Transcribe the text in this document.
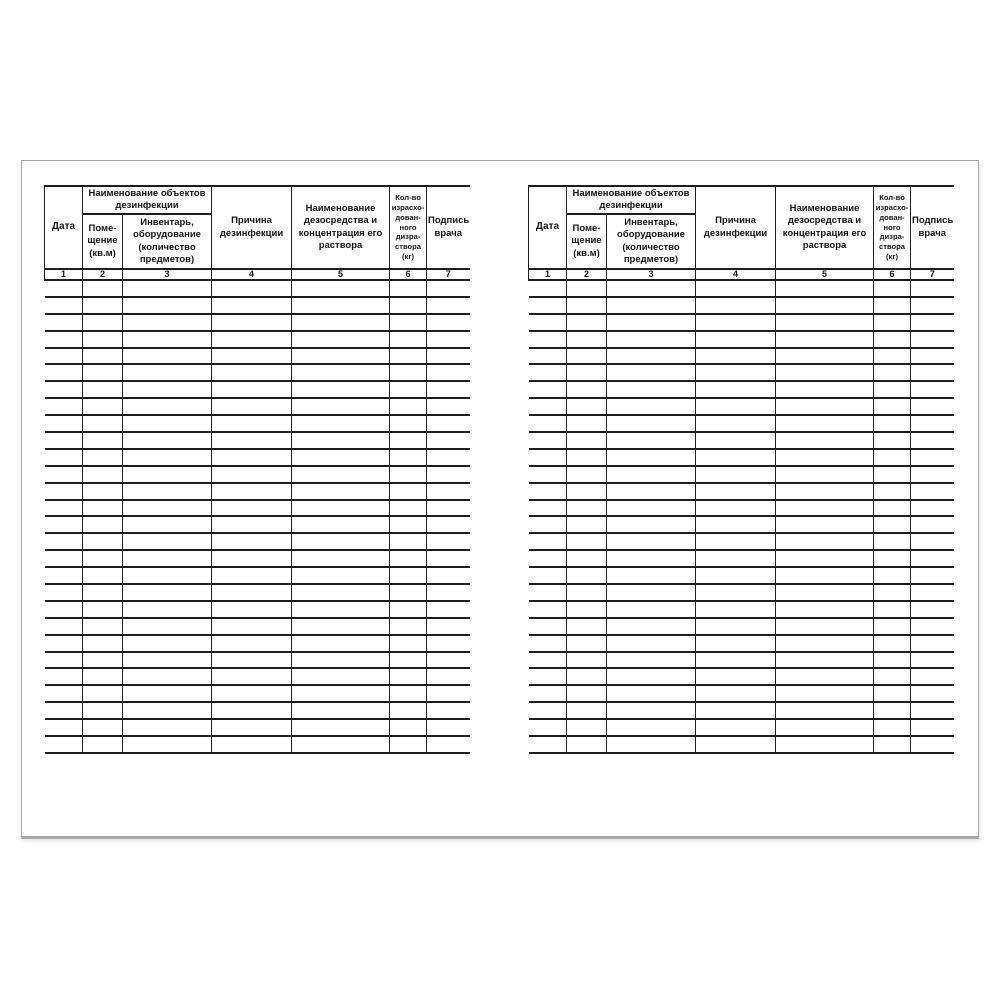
Дата	Наименование объектов дезинфекции		Причина дезинфекции	Наименование дезосредства и концентрация его раствора	Кол-во израсхо-дован-ного дизра-створа (кг)	Подпись врача
	Поме-щение (кв.м)	Инвентарь, оборудование (количество предметов)				
1	2	3	4	5	6	7

Дата	Наименование объектов дезинфекции		Причина дезинфекции	Наименование дезосредства и концентрация его раствора	Кол-во израсхо-дован-ного дизра-створа (кг)	Подпись врача
	Поме-щение (кв.м)	Инвентарь, оборудование (количество предметов)				
1	2	3	4	5	6	7
